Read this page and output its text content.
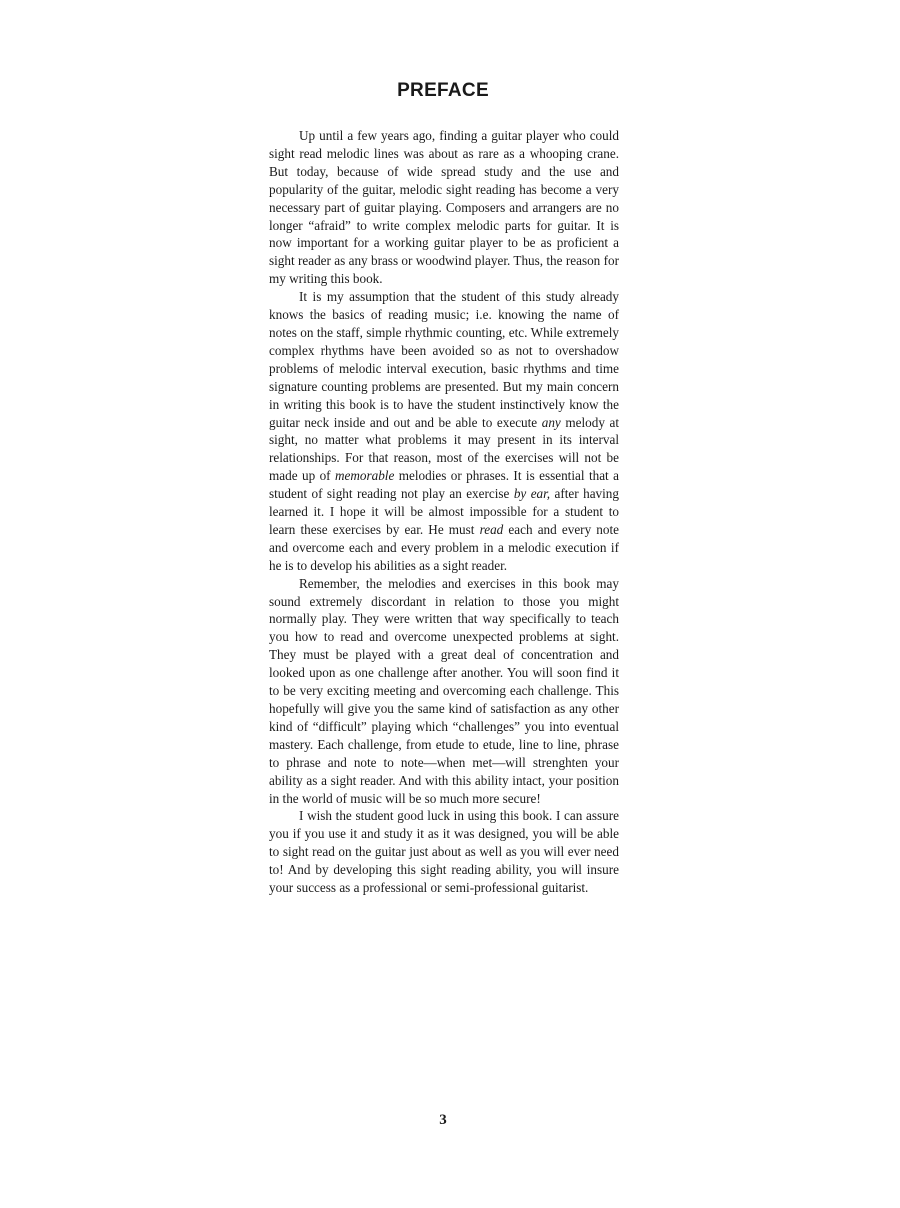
PREFACE

Up until a few years ago, finding a guitar player who could sight read melodic lines was about as rare as a whooping crane. But today, because of wide spread study and the use and popularity of the guitar, melodic sight reading has become a very necessary part of guitar playing. Composers and arrangers are no longer “afraid” to write complex melodic parts for guitar. It is now important for a working guitar player to be as proficient a sight reader as any brass or woodwind player. Thus, the reason for my writing this book.

It is my assumption that the student of this study already knows the basics of reading music; i.e. knowing the name of notes on the staff, simple rhythmic counting, etc. While extremely complex rhythms have been avoided so as not to overshadow problems of melodic interval execution, basic rhythms and time signature counting problems are presented. But my main concern in writing this book is to have the student instinctively know the guitar neck inside and out and be able to execute any melody at sight, no matter what problems it may present in its interval relationships. For that reason, most of the exercises will not be made up of memorable melodies or phrases. It is essential that a student of sight reading not play an exercise by ear, after having learned it. I hope it will be almost impossible for a student to learn these exercises by ear. He must read each and every note and overcome each and every problem in a melodic execution if he is to develop his abilities as a sight reader.

Remember, the melodies and exercises in this book may sound extremely discordant in relation to those you might normally play. They were written that way specifically to teach you how to read and overcome unexpected problems at sight. They must be played with a great deal of concentration and looked upon as one challenge after another. You will soon find it to be very exciting meeting and overcoming each challenge. This hopefully will give you the same kind of satisfaction as any other kind of “difficult” playing which “challenges” you into eventual mastery. Each challenge, from etude to etude, line to line, phrase to phrase and note to note—when met—will strenghten your ability as a sight reader. And with this ability intact, your position in the world of music will be so much more secure!

I wish the student good luck in using this book. I can assure you if you use it and study it as it was designed, you will be able to sight read on the guitar just about as well as you will ever need to! And by developing this sight reading ability, you will insure your success as a professional or semi-professional guitarist.

3
